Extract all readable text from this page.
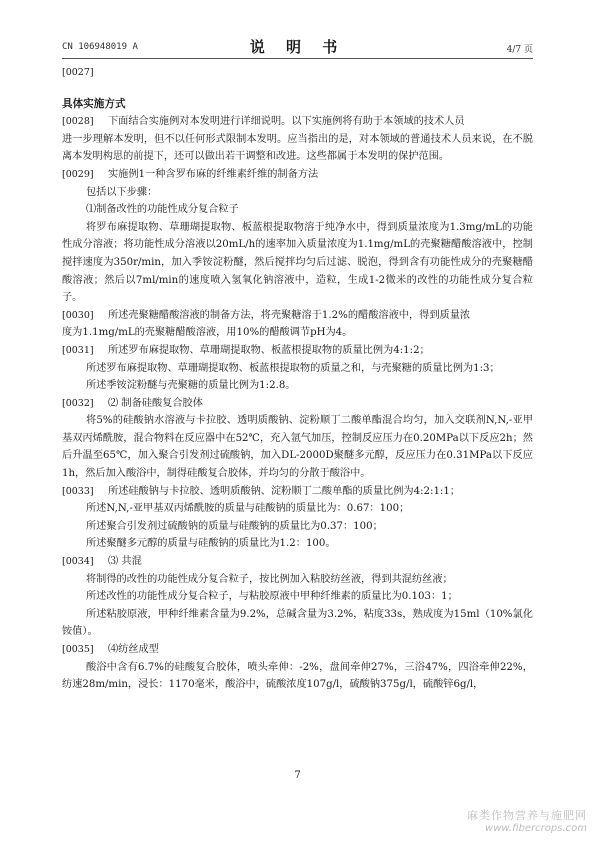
CN 106948019 A	说 明 书	4/7 页
[0027]
具体实施方式
[0028]	下面结合实施例对本发明进行详细说明。以下实施例将有助于本领域的技术人员
进一步理解本发明，但不以任何形式限制本发明。应当指出的是，对本领域的普通技术人员来说，在不脱离本发明构思的前提下，还可以做出若干调整和改进。这些都属于本发明的保护范围。
[0029]	实施例1一种含罗布麻的纤维素纤维的制备方法
包括以下步骤：
⑴制备改性的功能性成分复合粒子
将罗布麻提取物、草珊瑚提取物、板蓝根提取物溶于纯净水中，得到质量浓度为1.3mg/mL的功能性成分溶液；将功能性成分溶液以20mL/h的速率加入质量浓度为1.1mg/mL的壳聚糖醋酸溶液中，控制搅拌速度为350r/min，加入季铵淀粉醚，然后搅拌均匀后过滤、脱泡，得到含有功能性成分的壳聚糖醋酸溶液；然后以7ml/min的速度喷入氢氧化钠溶液中，造粒，生成1-2微米的改性的功能性成分复合粒子。
[0030]	所述壳聚糖醋酸溶液的制备方法，将壳聚糖溶于1.2%的醋酸溶液中，得到质量浓
度为1.1mg/mL的壳聚糖醋酸溶液，用10%的醋酸调节pH为4。
[0031]	所述罗布麻提取物、草珊瑚提取物、板蓝根提取物的质量比例为4:1:2；
所述罗布麻提取物、草珊瑚提取物、板蓝根提取物的质量之和，与壳聚糖的质量比例为1:3；
所述季铵淀粉醚与壳聚糖的质量比例为1:2.8。
[0032]	⑵ 制备硅酸复合胶体
将5%的硅酸钠水溶液与卡拉胶、透明质酸钠、淀粉顺丁二酸单酯混合均匀，加入交联剂N,N,-亚甲基双丙烯酰胺，混合物料在反应器中在52℃，充入氩气加压，控制反应压力在0.20MPa以下反应2h；然后升温至65℃，加入聚合引发剂过硫酸钠，加入DL-2000D聚醚多元醇，反应压力在0.31MPa以下反应1h，然后加入酸浴中，制得硅酸复合胶体，并均匀的分散于酸浴中。
[0033]	所述硅酸钠与卡拉胶、透明质酸钠、淀粉顺丁二酸单酯的质量比例为4:2:1:1；
所述N,N,-亚甲基双丙烯酰胺的质量与硅酸钠的质量比为：0.67：100；
所述聚合引发剂过硫酸钠的质量与硅酸钠的质量比为0.37：100；
所述聚醚多元醇的质量与硅酸钠的质量比为1.2：100。
[0034]	⑶ 共混
将制得的改性的功能性成分复合粒子，按比例加入粘胶纺丝液，得到共混纺丝液；
所述改性的功能性成分复合粒子，与粘胶原液中甲种纤维素的质量比为0.103：1；
所述粘胶原液，甲种纤维素含量为9.2%，总碱含量为3.2%，粘度33s，熟成度为15ml（10%氯化铵值）。
[0035]	⑷纺丝成型
酸浴中含有6.7%的硅酸复合胶体，喷头牵伸：-2%，盘间牵伸27%，三浴47%，四浴牵伸22%，纺速28m/min，浸长：1170毫米，酸浴中，硫酸浓度107g/l，硫酸钠375g/l，硫酸锌6g/l，
7
麻类作物营养与施肥网
www.fibercrops.com
